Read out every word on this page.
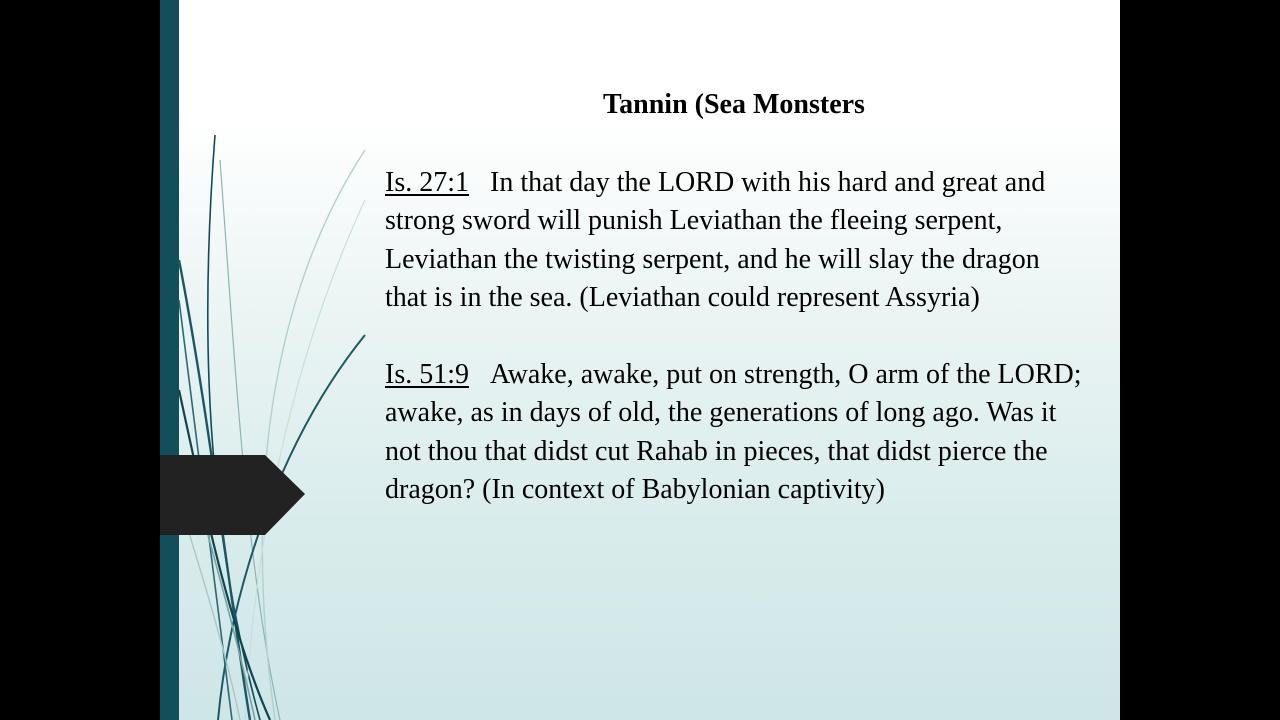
Tannin (Sea Monsters

Is. 27:1 In that day the LORD with his hard and great and strong sword will punish Leviathan the fleeing serpent, Leviathan the twisting serpent, and he will slay the dragon that is in the sea. (Leviathan could represent Assyria)

Is. 51:9 Awake, awake, put on strength, O arm of the LORD; awake, as in days of old, the generations of long ago. Was it not thou that didst cut Rahab in pieces, that didst pierce the dragon? (In context of Babylonian captivity)
